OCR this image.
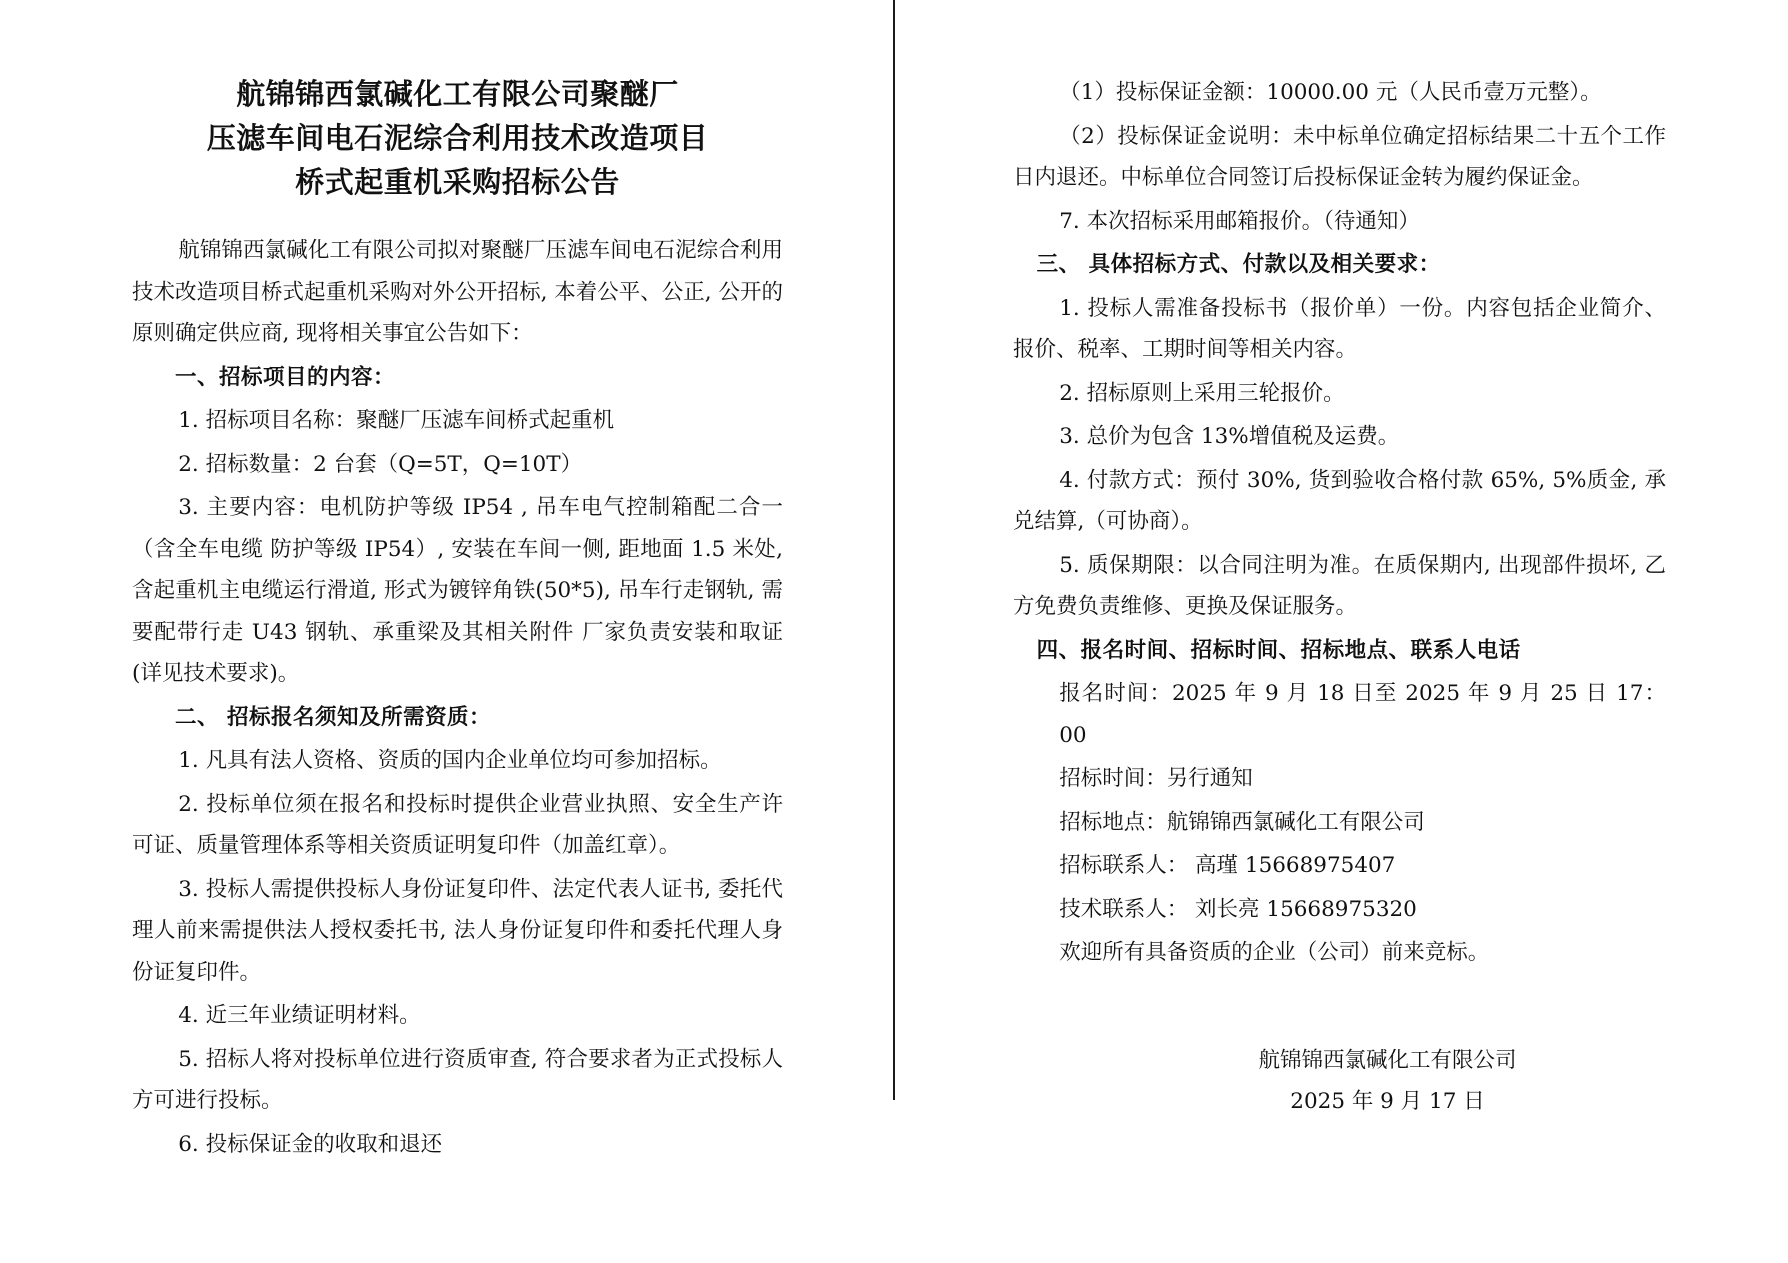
航锦锦西氯碱化工有限公司聚醚厂
压滤车间电石泥综合利用技术改造项目
桥式起重机采购招标公告

航锦锦西氯碱化工有限公司拟对聚醚厂压滤车间电石泥综合利用技术改造项目桥式起重机采购对外公开招标, 本着公平、公正, 公开的原则确定供应商, 现将相关事宜公告如下：

一、招标项目的内容：

1. 招标项目名称：聚醚厂压滤车间桥式起重机

2. 招标数量：2 台套（Q=5T，Q=10T）

3. 主要内容：电机防护等级 IP54 , 吊车电气控制箱配二合一（含全车电缆 防护等级 IP54）, 安装在车间一侧, 距地面 1.5 米处, 含起重机主电缆运行滑道, 形式为镀锌角铁(50*5), 吊车行走钢轨, 需要配带行走 U43 钢轨、承重梁及其相关附件 厂家负责安装和取证(详见技术要求)。

二、 招标报名须知及所需资质：

1. 凡具有法人资格、资质的国内企业单位均可参加招标。

2. 投标单位须在报名和投标时提供企业营业执照、安全生产许可证、质量管理体系等相关资质证明复印件（加盖红章）。

3. 投标人需提供投标人身份证复印件、法定代表人证书, 委托代理人前来需提供法人授权委托书, 法人身份证复印件和委托代理人身份证复印件。

4. 近三年业绩证明材料。

5. 招标人将对投标单位进行资质审查, 符合要求者为正式投标人方可进行投标。

6. 投标保证金的收取和退还

（1）投标保证金额：10000.00 元（人民币壹万元整）。

（2）投标保证金说明：未中标单位确定招标结果二十五个工作日内退还。中标单位合同签订后投标保证金转为履约保证金。

7. 本次招标采用邮箱报价。（待通知）

三、 具体招标方式、付款以及相关要求：

1. 投标人需准备投标书（报价单）一份。内容包括企业简介、报价、税率、工期时间等相关内容。

2. 招标原则上采用三轮报价。

3. 总价为包含 13%增值税及运费。

4. 付款方式：预付 30%, 货到验收合格付款 65%, 5%质金, 承兑结算,（可协商）。

5. 质保期限：以合同注明为准。在质保期内, 出现部件损坏, 乙方免费负责维修、更换及保证服务。

四、报名时间、招标时间、招标地点、联系人电话

报名时间：2025 年 9 月 18 日至 2025 年 9 月 25 日 17：00

招标时间：另行通知

招标地点：航锦锦西氯碱化工有限公司

招标联系人： 高瑾 15668975407

技术联系人： 刘长亮 15668975320

欢迎所有具备资质的企业（公司）前来竞标。

航锦锦西氯碱化工有限公司
2025 年 9 月 17 日
